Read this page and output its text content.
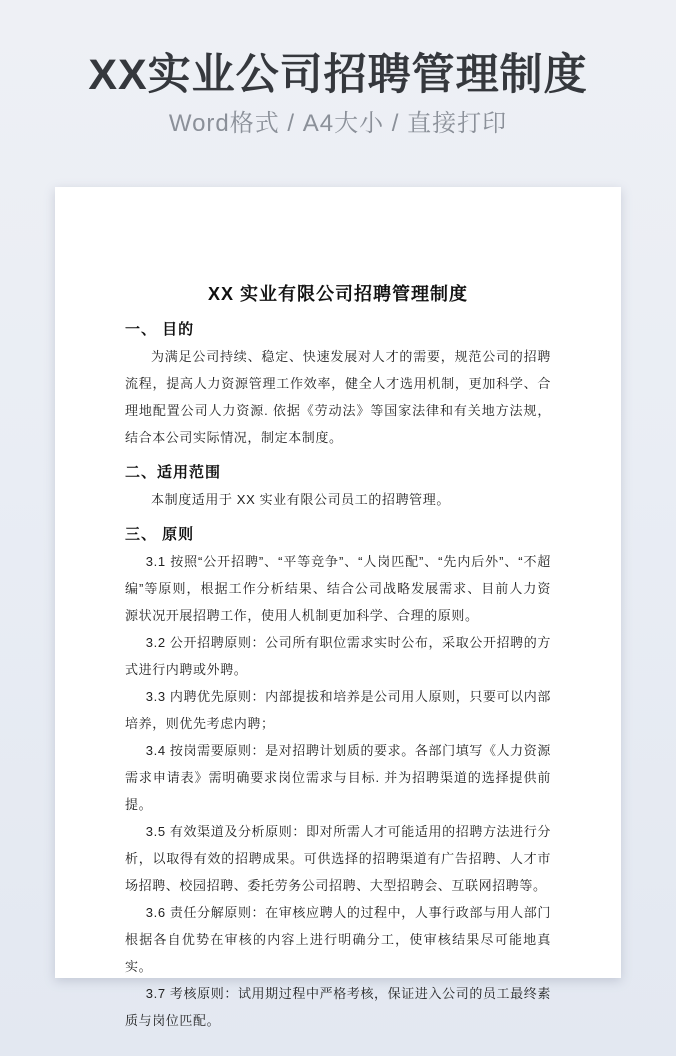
XX实业公司招聘管理制度

Word格式 / A4大小 / 直接打印

XX 实业有限公司招聘管理制度
一、 目的

为满足公司持续、稳定、快速发展对人才的需要，规范公司的招聘流程，提高人力资源管理工作效率，健全人才选用机制，更加科学、合理地配置公司人力资源. 依据《劳动法》等国家法律和有关地方法规，结合本公司实际情况，制定本制度。

二、适用范围

本制度适用于 XX 实业有限公司员工的招聘管理。

三、 原则

3.1 按照“公开招聘”、“平等竞争”、“人岗匹配”、“先内后外”、“不超编”等原则，根据工作分析结果、结合公司战略发展需求、目前人力资源状况开展招聘工作，使用人机制更加科学、合理的原则。

3.2 公开招聘原则：公司所有职位需求实时公布，采取公开招聘的方式进行内聘或外聘。

3.3 内聘优先原则：内部提拔和培养是公司用人原则，只要可以内部培养，则优先考虑内聘；

3.4 按岗需要原则：是对招聘计划质的要求。各部门填写《人力资源需求申请表》需明确要求岗位需求与目标. 并为招聘渠道的选择提供前提。

3.5 有效渠道及分析原则：即对所需人才可能适用的招聘方法进行分析，以取得有效的招聘成果。可供选择的招聘渠道有广告招聘、人才市场招聘、校园招聘、委托劳务公司招聘、大型招聘会、互联网招聘等。

3.6 责任分解原则：在审核应聘人的过程中，人事行政部与用人部门根据各自优势在审核的内容上进行明确分工，使审核结果尽可能地真实。

3.7 考核原则：试用期过程中严格考核，保证进入公司的员工最终素质与岗位匹配。
